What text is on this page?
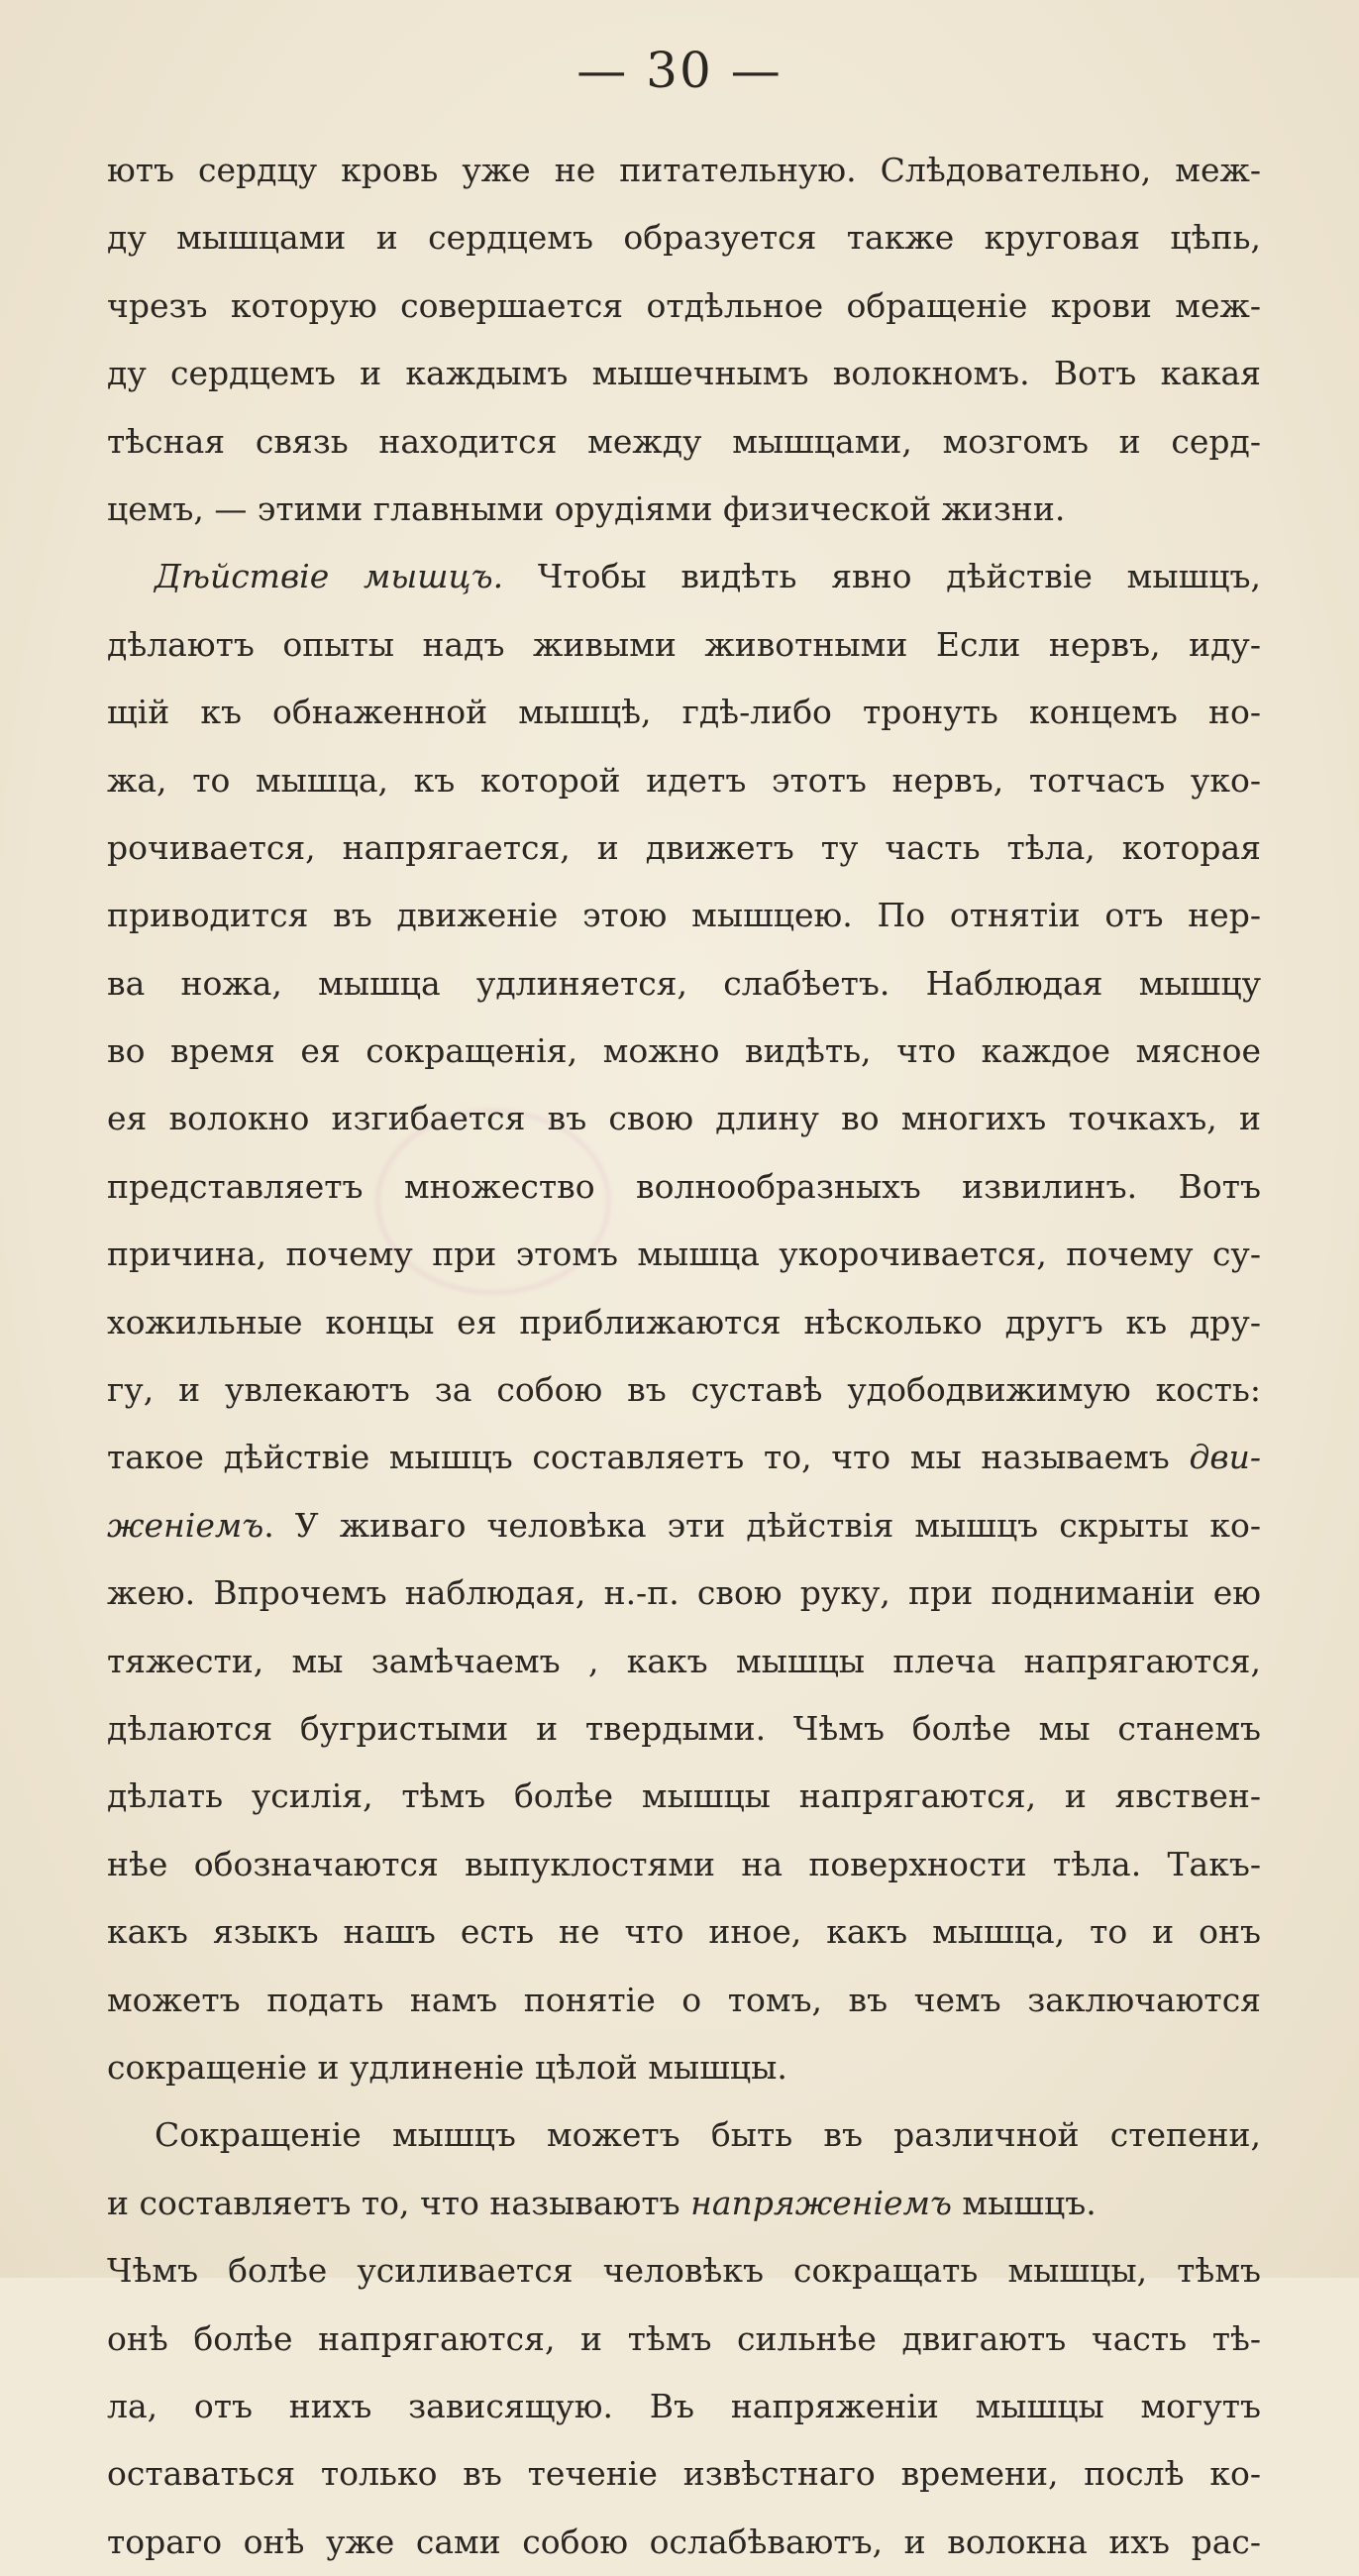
— 30 —
ютъ сердцу кровь уже не питательную. Слѣдовательно, меж-
ду мышцами и сердцемъ образуется также круговая цѣпь,
чрезъ которую совершается отдѣльное обращеніе крови меж-
ду сердцемъ и каждымъ мышечнымъ волокномъ. Вотъ какая
тѣсная связь находится между мышцами, мозгомъ и серд-
цемъ, — этими главными орудіями физической жизни.
Дѣйствіе мышцъ. Чтобы видѣть явно дѣйствіе мышцъ,
дѣлаютъ опыты надъ живыми животными Если нервъ, иду-
щій къ обнаженной мышцѣ, гдѣ-либо тронуть концемъ но-
жа, то мышца, къ которой идетъ этотъ нервъ, тотчасъ уко-
рочивается, напрягается, и движетъ ту часть тѣла, которая
приводится въ движеніе этою мышцею. По отнятіи отъ нер-
ва ножа, мышца удлиняется, слабѣетъ. Наблюдая мышцу
во время ея сокращенія, можно видѣть, что каждое мясное
ея волокно изгибается въ свою длину во многихъ точкахъ, и
представляетъ множество волнообразныхъ извилинъ. Вотъ
причина, почему при этомъ мышца укорочивается, почему су-
хожильные концы ея приближаются нѣсколько другъ къ дру-
гу, и увлекаютъ за собою въ суставѣ удободвижимую кость:
такое дѣйствіе мышцъ составляетъ то, что мы называемъ дви-
женіемъ. У живаго человѣка эти дѣйствія мышцъ скрыты ко-
жею. Впрочемъ наблюдая, н.-п. свою руку, при подниманіи ею
тяжести, мы замѣчаемъ , какъ мышцы плеча напрягаются,
дѣлаются бугристыми и твердыми. Чѣмъ болѣе мы станемъ
дѣлать усилія, тѣмъ болѣе мышцы напрягаются, и явствен-
нѣе обозначаются выпуклостями на поверхности тѣла. Такъ-
какъ языкъ нашъ есть не что иное, какъ мышца, то и онъ
можетъ подать намъ понятіе о томъ, въ чемъ заключаются
сокращеніе и удлиненіе цѣлой мышцы.
Сокращеніе мышцъ можетъ быть въ различной степени,
и составляетъ то, что называютъ напряженіемъ мышцъ.
Чѣмъ болѣе усиливается человѣкъ сокращать мышцы, тѣмъ
онѣ болѣе напрягаются, и тѣмъ сильнѣе двигаютъ часть тѣ-
ла, отъ нихъ зависящую. Въ напряженіи мышцы могутъ
оставаться только въ теченіе извѣстнаго времени, послѣ ко-
тораго онѣ уже сами собою ослабѣваютъ, и волокна ихъ рас-
